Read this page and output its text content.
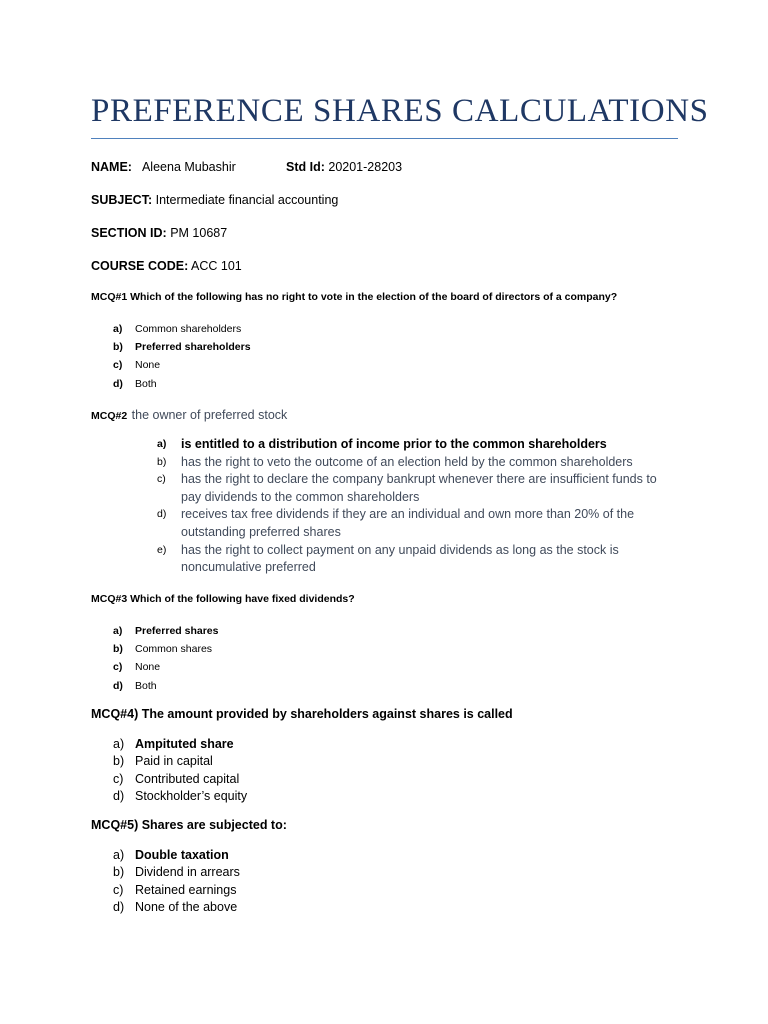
PREFERENCE SHARES CALCULATIONS
NAME: Aleena Mubashir	Std Id: 20201-28203
SUBJECT: Intermediate financial accounting
SECTION ID: PM 10687
COURSE CODE: ACC 101
MCQ#1 Which of the following has no right to vote in the election of the board of directors of a company?
a) Common shareholders
b) Preferred shareholders
c) None
d) Both
MCQ#2 the owner of preferred stock
a) is entitled to a distribution of income prior to the common shareholders
b) has the right to veto the outcome of an election held by the common shareholders
c) has the right to declare the company bankrupt whenever there are insufficient funds to pay dividends to the common shareholders
d) receives tax free dividends if they are an individual and own more than 20% of the outstanding preferred shares
e) has the right to collect payment on any unpaid dividends as long as the stock is noncumulative preferred
MCQ#3 Which of the following have fixed dividends?
a) Preferred shares
b) Common shares
c) None
d) Both
MCQ#4) The amount provided by shareholders against shares is called
a) Ampituted share
b) Paid in capital
c) Contributed capital
d) Stockholder’s equity
MCQ#5) Shares are subjected to:
a) Double taxation
b) Dividend in arrears
c) Retained earnings
d) None of the above
